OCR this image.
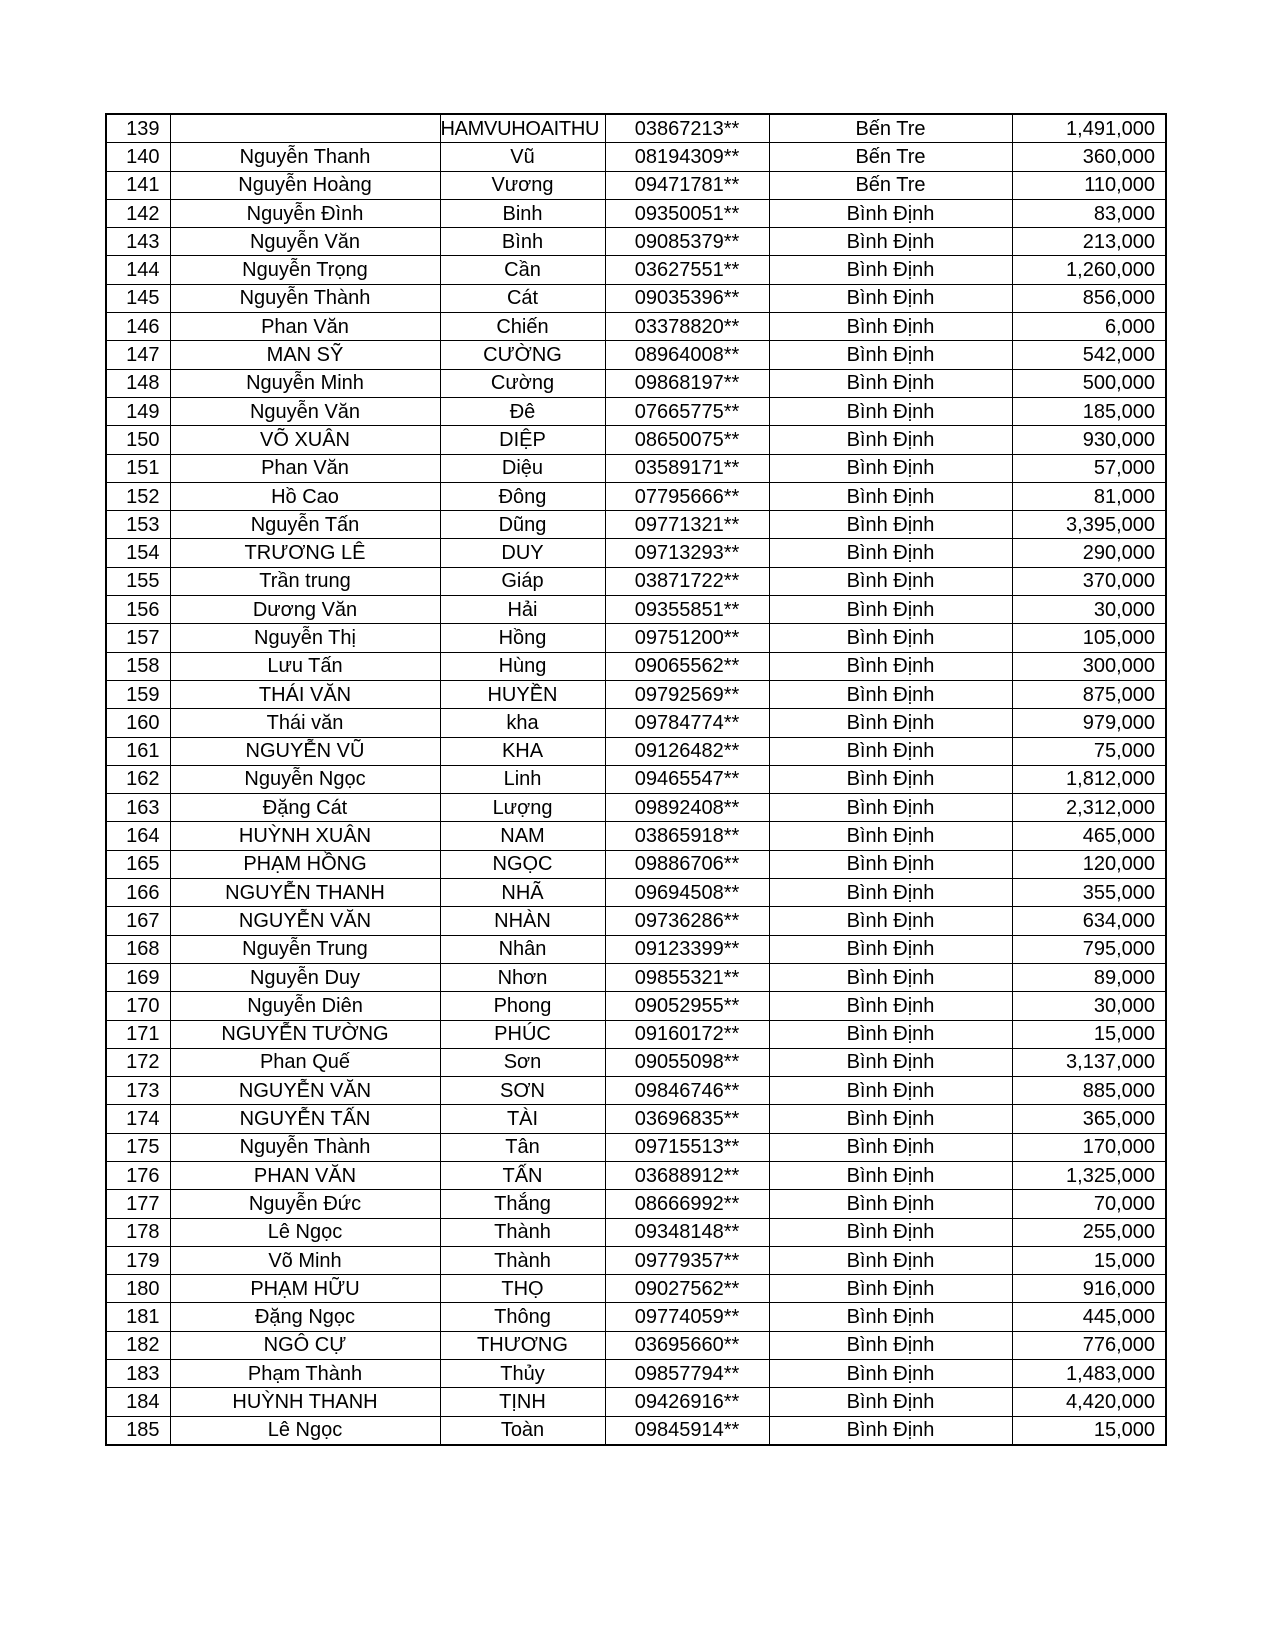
139		HAMVUHOAITHU	03867213**	Bến Tre	1,491,000
140	Nguyễn Thanh	Vũ	08194309**	Bến Tre	360,000
141	Nguyễn Hoàng	Vương	09471781**	Bến Tre	110,000
142	Nguyễn Đình	Binh	09350051**	Bình Định	83,000
143	Nguyễn Văn	Bình	09085379**	Bình Định	213,000
144	Nguyễn Trọng	Cần	03627551**	Bình Định	1,260,000
145	Nguyễn Thành	Cát	09035396**	Bình Định	856,000
146	Phan Văn	Chiến	03378820**	Bình Định	6,000
147	MAN SỸ	CƯỜNG	08964008**	Bình Định	542,000
148	Nguyễn Minh	Cường	09868197**	Bình Định	500,000
149	Nguyễn Văn	Đê	07665775**	Bình Định	185,000
150	VÕ XUÂN	DIỆP	08650075**	Bình Định	930,000
151	Phan Văn	Diệu	03589171**	Bình Định	57,000
152	Hồ Cao	Đông	07795666**	Bình Định	81,000
153	Nguyễn Tấn	Dũng	09771321**	Bình Định	3,395,000
154	TRƯƠNG LÊ	DUY	09713293**	Bình Định	290,000
155	Trần trung	Giáp	03871722**	Bình Định	370,000
156	Dương Văn	Hải	09355851**	Bình Định	30,000
157	Nguyễn Thị	Hồng	09751200**	Bình Định	105,000
158	Lưu Tấn	Hùng	09065562**	Bình Định	300,000
159	THÁI VĂN	HUYỀN	09792569**	Bình Định	875,000
160	Thái văn	kha	09784774**	Bình Định	979,000
161	NGUYỄN VŨ	KHA	09126482**	Bình Định	75,000
162	Nguyễn Ngọc	Linh	09465547**	Bình Định	1,812,000
163	Đặng Cát	Lượng	09892408**	Bình Định	2,312,000
164	HUỲNH XUÂN	NAM	03865918**	Bình Định	465,000
165	PHẠM HỒNG	NGỌC	09886706**	Bình Định	120,000
166	NGUYỄN THANH	NHÃ	09694508**	Bình Định	355,000
167	NGUYỄN VĂN	NHÀN	09736286**	Bình Định	634,000
168	Nguyễn Trung	Nhân	09123399**	Bình Định	795,000
169	Nguyễn Duy	Nhơn	09855321**	Bình Định	89,000
170	Nguyễn Diên	Phong	09052955**	Bình Định	30,000
171	NGUYỄN TƯỜNG	PHÚC	09160172**	Bình Định	15,000
172	Phan Quế	Sơn	09055098**	Bình Định	3,137,000
173	NGUYỄN VĂN	SƠN	09846746**	Bình Định	885,000
174	NGUYỄN TẤN	TÀI	03696835**	Bình Định	365,000
175	Nguyễn Thành	Tân	09715513**	Bình Định	170,000
176	PHAN VĂN	TẤN	03688912**	Bình Định	1,325,000
177	Nguyễn Đức	Thắng	08666992**	Bình Định	70,000
178	Lê Ngọc	Thành	09348148**	Bình Định	255,000
179	Võ Minh	Thành	09779357**	Bình Định	15,000
180	PHẠM HỮU	THỌ	09027562**	Bình Định	916,000
181	Đặng Ngọc	Thông	09774059**	Bình Định	445,000
182	NGÔ CỰ	THƯƠNG	03695660**	Bình Định	776,000
183	Phạm Thành	Thủy	09857794**	Bình Định	1,483,000
184	HUỲNH THANH	TỊNH	09426916**	Bình Định	4,420,000
185	Lê Ngọc	Toàn	09845914**	Bình Định	15,000
